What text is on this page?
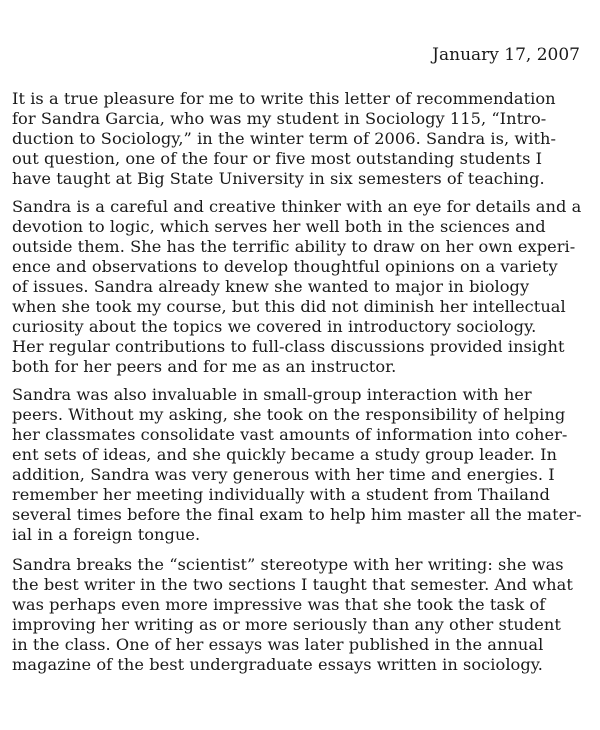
January 17, 2007
It is a true pleasure for me to write this letter of recommendation
for Sandra Garcia, who was my student in Sociology 115, “Intro-
duction to Sociology,” in the winter term of 2006. Sandra is, with-
out question, one of the four or five most outstanding students I
have taught at Big State University in six semesters of teaching.
Sandra is a careful and creative thinker with an eye for details and a
devotion to logic, which serves her well both in the sciences and
outside them. She has the terrific ability to draw on her own experi-
ence and observations to develop thoughtful opinions on a variety
of issues. Sandra already knew she wanted to major in biology
when she took my course, but this did not diminish her intellectual
curiosity about the topics we covered in introductory sociology.
Her regular contributions to full-class discussions provided insight
both for her peers and for me as an instructor.
Sandra was also invaluable in small-group interaction with her
peers. Without my asking, she took on the responsibility of helping
her classmates consolidate vast amounts of information into coher-
ent sets of ideas, and she quickly became a study group leader. In
addition, Sandra was very generous with her time and energies. I
remember her meeting individually with a student from Thailand
several times before the final exam to help him master all the mater-
ial in a foreign tongue.
Sandra breaks the “scientist” stereotype with her writing: she was
the best writer in the two sections I taught that semester. And what
was perhaps even more impressive was that she took the task of
improving her writing as or more seriously than any other student
in the class. One of her essays was later published in the annual
magazine of the best undergraduate essays written in sociology.
